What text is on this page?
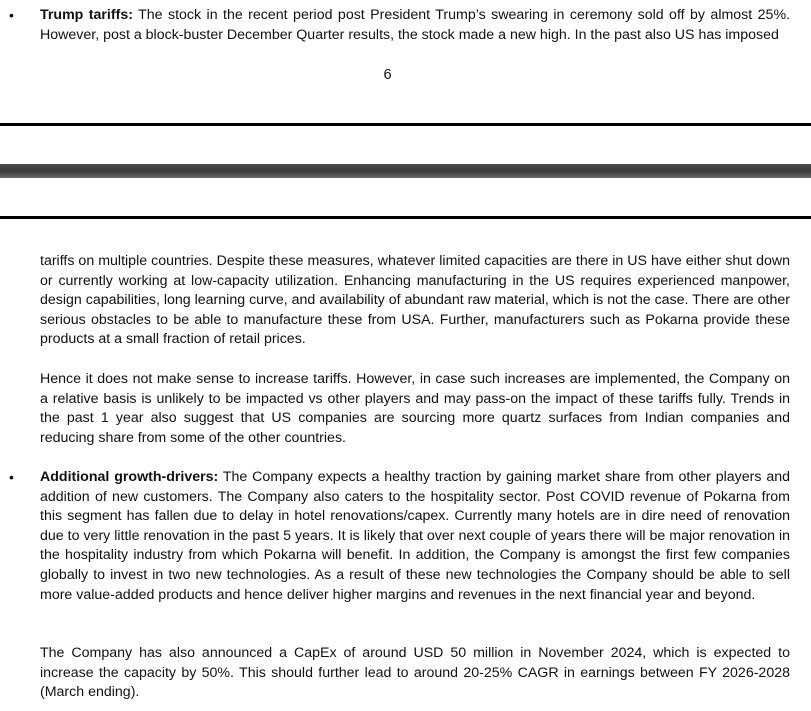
• Trump tariffs: The stock in the recent period post President Trump’s swearing in ceremony sold off by almost 25%. However, post a block-buster December Quarter results, the stock made a new high. In the past also US has imposed
6
tariffs on multiple countries. Despite these measures, whatever limited capacities are there in US have either shut down or currently working at low-capacity utilization. Enhancing manufacturing in the US requires experienced manpower, design capabilities, long learning curve, and availability of abundant raw material, which is not the case. There are other serious obstacles to be able to manufacture these from USA. Further, manufacturers such as Pokarna provide these products at a small fraction of retail prices.
Hence it does not make sense to increase tariffs. However, in case such increases are implemented, the Company on a relative basis is unlikely to be impacted vs other players and may pass-on the impact of these tariffs fully. Trends in the past 1 year also suggest that US companies are sourcing more quartz surfaces from Indian companies and reducing share from some of the other countries.
• Additional growth-drivers: The Company expects a healthy traction by gaining market share from other players and addition of new customers. The Company also caters to the hospitality sector. Post COVID revenue of Pokarna from this segment has fallen due to delay in hotel renovations/capex. Currently many hotels are in dire need of renovation due to very little renovation in the past 5 years. It is likely that over next couple of years there will be major renovation in the hospitality industry from which Pokarna will benefit. In addition, the Company is amongst the first few companies globally to invest in two new technologies. As a result of these new technologies the Company should be able to sell more value-added products and hence deliver higher margins and revenues in the next financial year and beyond.
The Company has also announced a CapEx of around USD 50 million in November 2024, which is expected to increase the capacity by 50%. This should further lead to around 20-25% CAGR in earnings between FY 2026-2028 (March ending).
